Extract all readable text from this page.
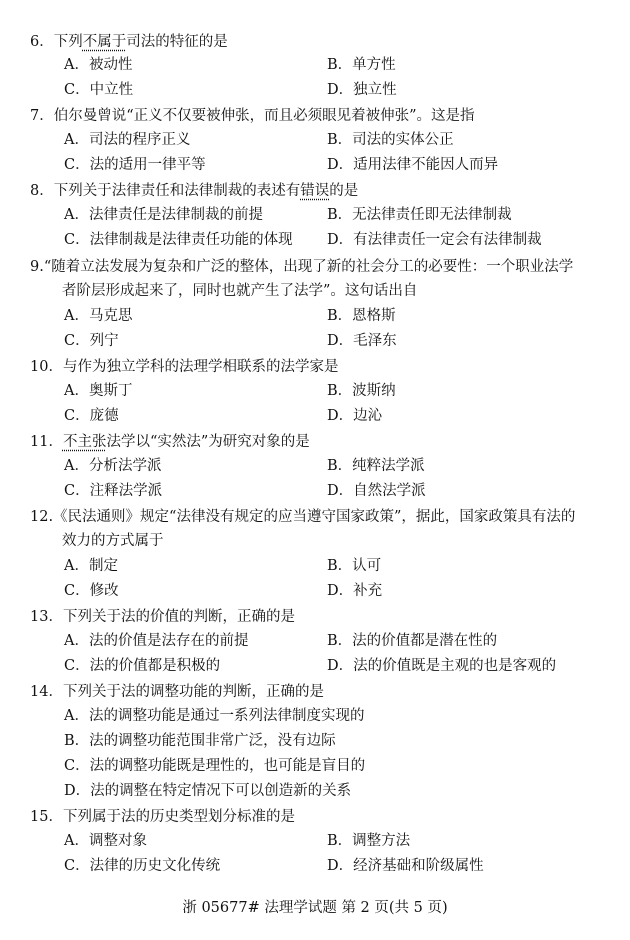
6．下列不属于司法的特征的是
A．被动性	B．单方性
C．中立性	D．独立性
7．伯尔曼曾说“正义不仅要被伸张，而且必须眼见着被伸张”。这是指
A．司法的程序正义	B．司法的实体公正
C．法的适用一律平等	D．适用法律不能因人而异
8．下列关于法律责任和法律制裁的表述有错误的是
A．法律责任是法律制裁的前提	B．无法律责任即无法律制裁
C．法律制裁是法律责任功能的体现 D．有法律责任一定会有法律制裁
9.“随着立法发展为复杂和广泛的整体，出现了新的社会分工的必要性：一个职业法学
者阶层形成起来了，同时也就产生了法学”。这句话出自
A．马克思	B．恩格斯
C．列宁	D．毛泽东
10．与作为独立学科的法理学相联系的法学家是
A．奥斯丁	B．波斯纳
C．庞德	D．边沁
11．不主张法学以“实然法”为研究对象的是
A．分析法学派	B．纯粹法学派
C．注释法学派	D．自然法学派
12.《民法通则》规定“法律没有规定的应当遵守国家政策”，据此，国家政策具有法的
效力的方式属于
A．制定	B．认可
C．修改	D．补充
13．下列关于法的价值的判断，正确的是
A．法的价值是法存在的前提	B．法的价值都是潜在性的
C．法的价值都是积极的	D．法的价值既是主观的也是客观的
14．下列关于法的调整功能的判断，正确的是
A．法的调整功能是通过一系列法律制度实现的
B．法的调整功能范围非常广泛，没有边际
C．法的调整功能既是理性的，也可能是盲目的
D．法的调整在特定情况下可以创造新的关系
15．下列属于法的历史类型划分标准的是
A．调整对象	B．调整方法
C．法律的历史文化传统	D．经济基础和阶级属性
浙 05677# 法理学试题 第 2 页(共 5 页)
